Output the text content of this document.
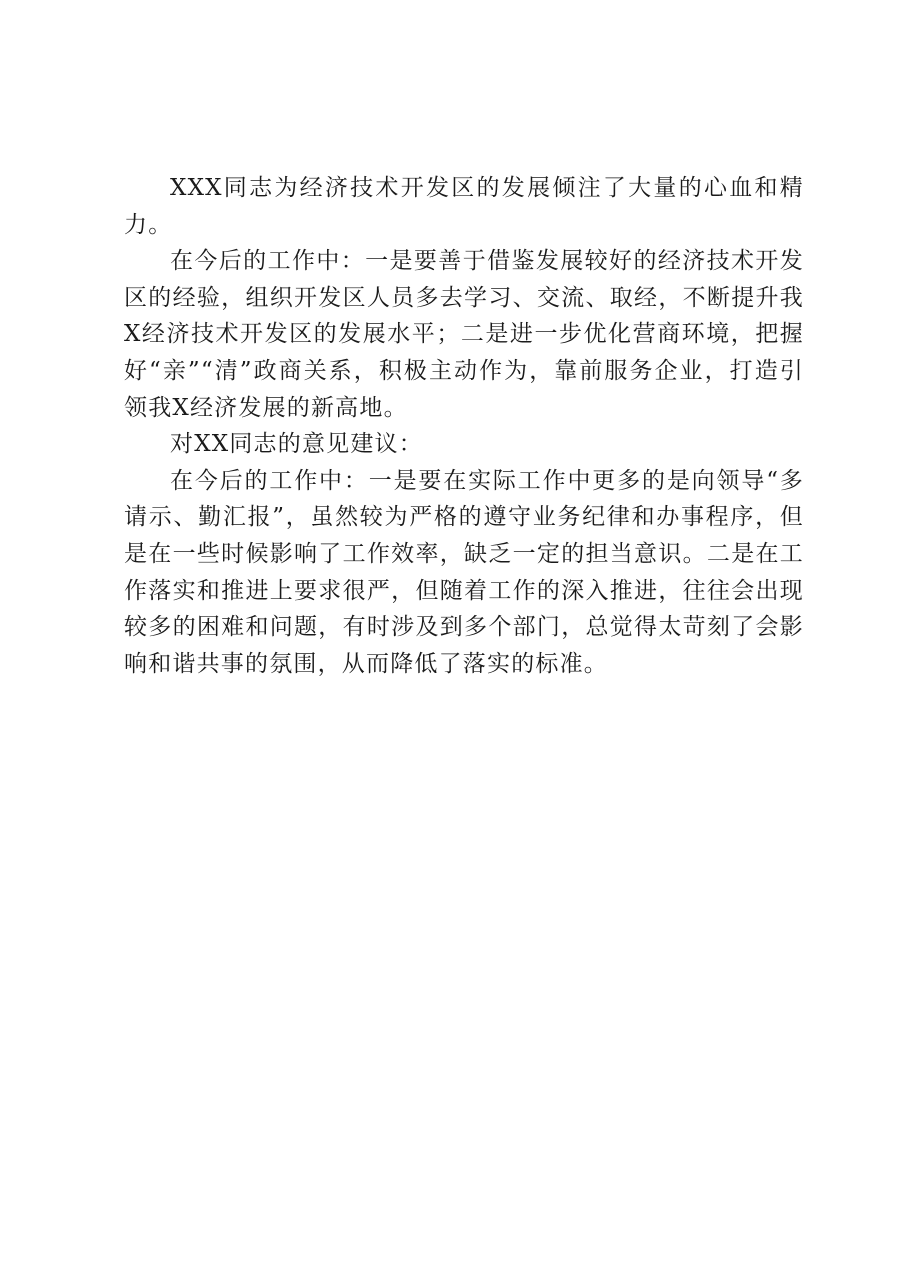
XXX同志为经济技术开发区的发展倾注了大量的心血和精力。

在今后的工作中：一是要善于借鉴发展较好的经济技术开发区的经验，组织开发区人员多去学习、交流、取经，不断提升我X经济技术开发区的发展水平；二是进一步优化营商环境，把握好“亲”“清”政商关系，积极主动作为，靠前服务企业，打造引领我X经济发展的新高地。

对XX同志的意见建议：

在今后的工作中：一是要在实际工作中更多的是向领导“多请示、勤汇报”，虽然较为严格的遵守业务纪律和办事程序，但是在一些时候影响了工作效率，缺乏一定的担当意识。二是在工作落实和推进上要求很严，但随着工作的深入推进，往往会出现较多的困难和问题，有时涉及到多个部门，总觉得太苛刻了会影响和谐共事的氛围，从而降低了落实的标准。
